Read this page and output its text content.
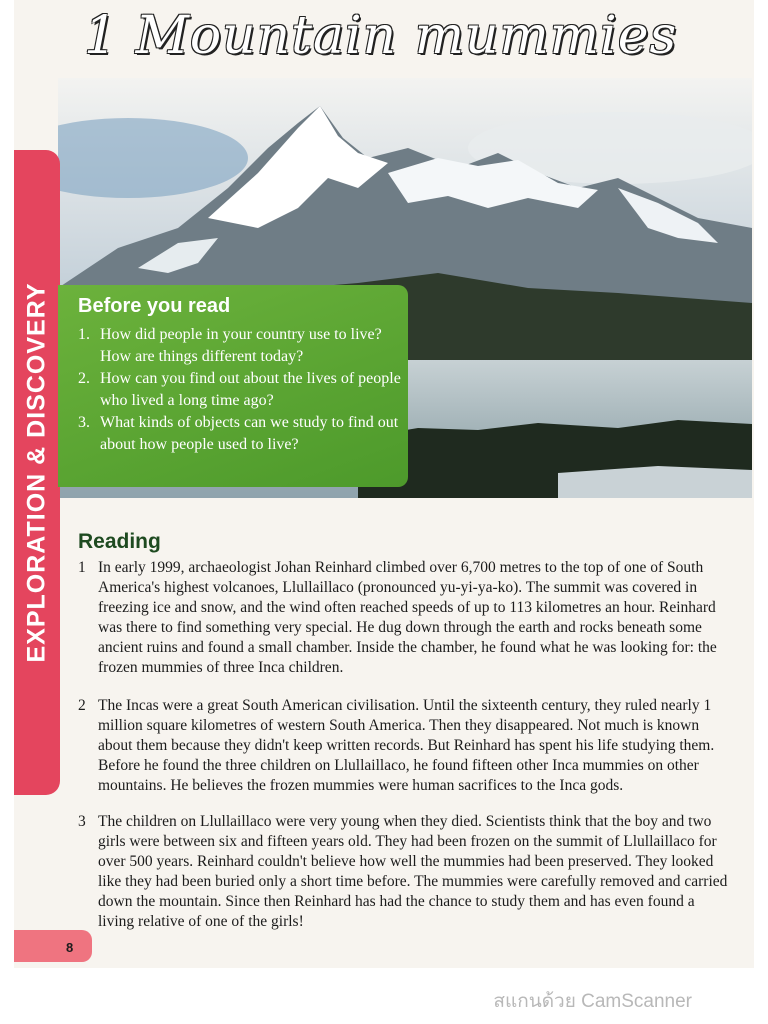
1 Mountain mummies
EXPLORATION & DISCOVERY Before you read
1. How did people in your country use to live? How are things different today?
2. How can you find out about the lives of people who lived a long time ago?
3. What kinds of objects can we study to find out about how people used to live?
Reading
1 In early 1999, archaeologist Johan Reinhard climbed over 6,700 metres to the top of one of South America's highest volcanoes, Llullaillaco (pronounced yu-yi-ya-ko). The summit was covered in freezing ice and snow, and the wind often reached speeds of up to 113 kilometres an hour. Reinhard was there to find something very special. He dug down through the earth and rocks beneath some ancient ruins and found a small chamber. Inside the chamber, he found what he was looking for: the frozen mummies of three Inca children.
2 The Incas were a great South American civilisation. Until the sixteenth century, they ruled nearly 1 million square kilometres of western South America. Then they disappeared. Not much is known about them because they didn't keep written records. But Reinhard has spent his life studying them. Before he found the three children on Llullaillaco, he found fifteen other Inca mummies on other mountains. He believes the frozen mummies were human sacrifices to the Inca gods.
3 The children on Llullaillaco were very young when they died. Scientists think that the boy and two girls were between six and fifteen years old. They had been frozen on the summit of Llullaillaco for over 500 years. Reinhard couldn't believe how well the mummies had been preserved. They looked like they had been buried only a short time before. The mummies were carefully removed and carried down the mountain. Since then Reinhard has had the chance to study them and has even found a living relative of one of the girls!
8
สแกนด้วย CamScanner
